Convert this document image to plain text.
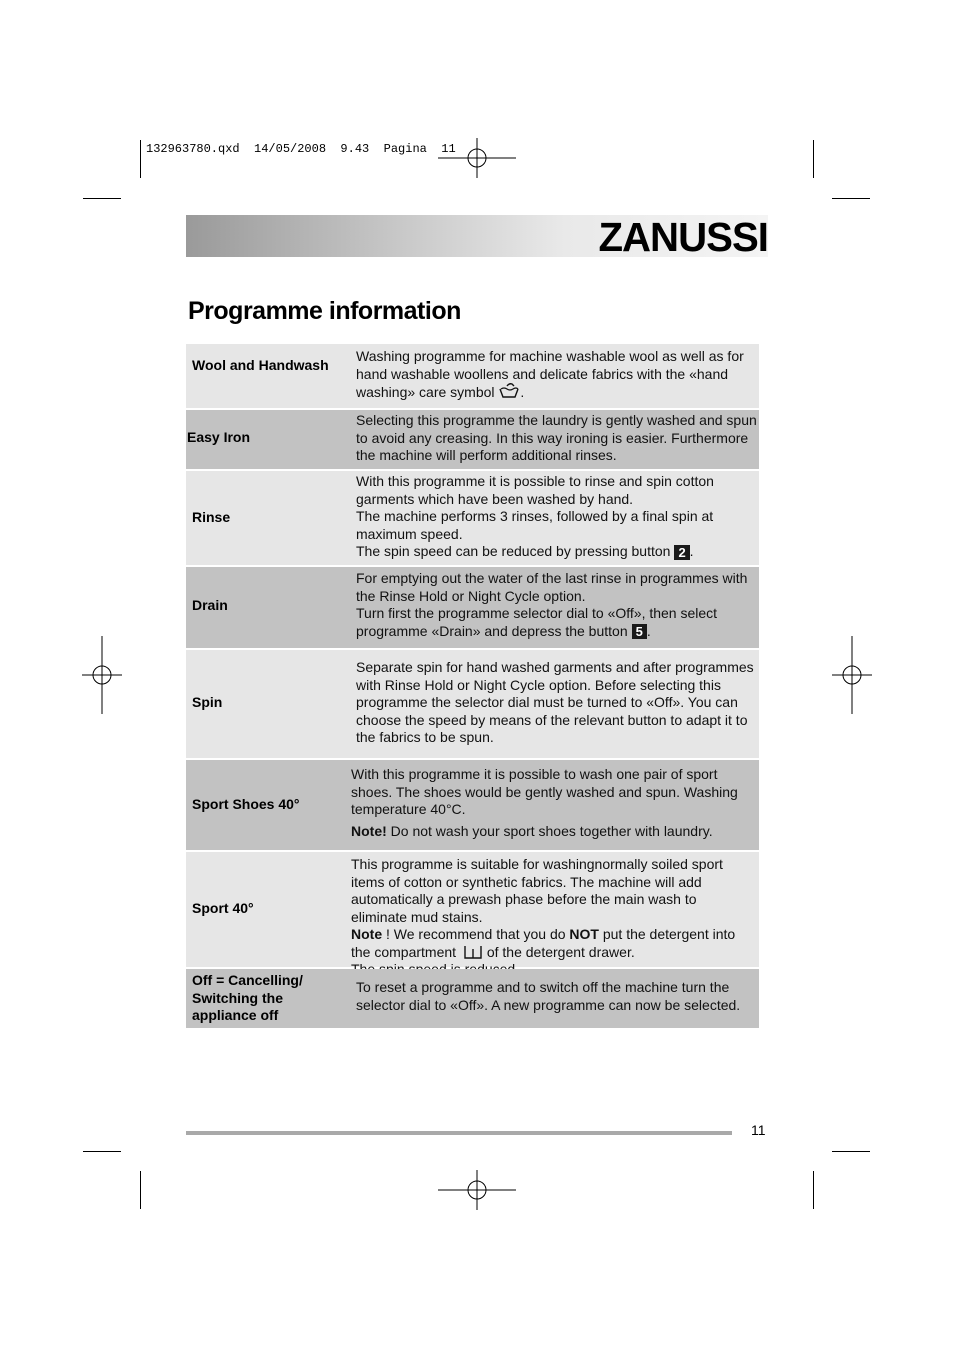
132963780.qxd  14/05/2008  9.43  Pagina  11
ZANUSSI
Programme information
Wool and Handwash
Washing programme for machine washable wool as well as for hand washable woollens and delicate fabrics with the «hand washing» care symbol .
Easy Iron
Selecting this programme the laundry is gently washed and spun to avoid any creasing. In this way ironing is easier. Furthermore the machine will perform additional rinses.
Rinse

With this programme it is possible to rinse and spin cotton garments which have been washed by hand.

The machine performs 3 rinses, followed by a final spin at maximum speed.

The spin speed can be reduced by pressing button 2 .

Drain

For emptying out the water of the last rinse in programmes with the Rinse Hold or Night Cycle option.

Turn first the programme selector dial to «Off», then select programme «Drain» and depress the button 5 .

Spin
Separate spin for hand washed garments and after programmes with Rinse Hold or Night Cycle option. Before selecting this programme the selector dial must be turned to «Off». You can choose the speed by means of the relevant button to adapt it to the fabrics to be spun.
Sport Shoes 40°

With this programme it is possible to wash one pair of sport shoes. The shoes would be gently washed and spun. Washing temperature 40°C.

Note! Do not wash your sport shoes together with laundry.

Sport 40°

This programme is suitable for washingnormally soiled sport items of cotton or synthetic fabrics. The machine will add automatically a prewash phase before the main wash to eliminate mud stains.

Note ! We recommend that you do NOT put the detergent into the compartment  of the detergent drawer.

Off = Cancelling/ Switching the appliance off
To reset a programme and to switch off the machine turn the selector dial to «Off». A new programme can now be selected.
11
